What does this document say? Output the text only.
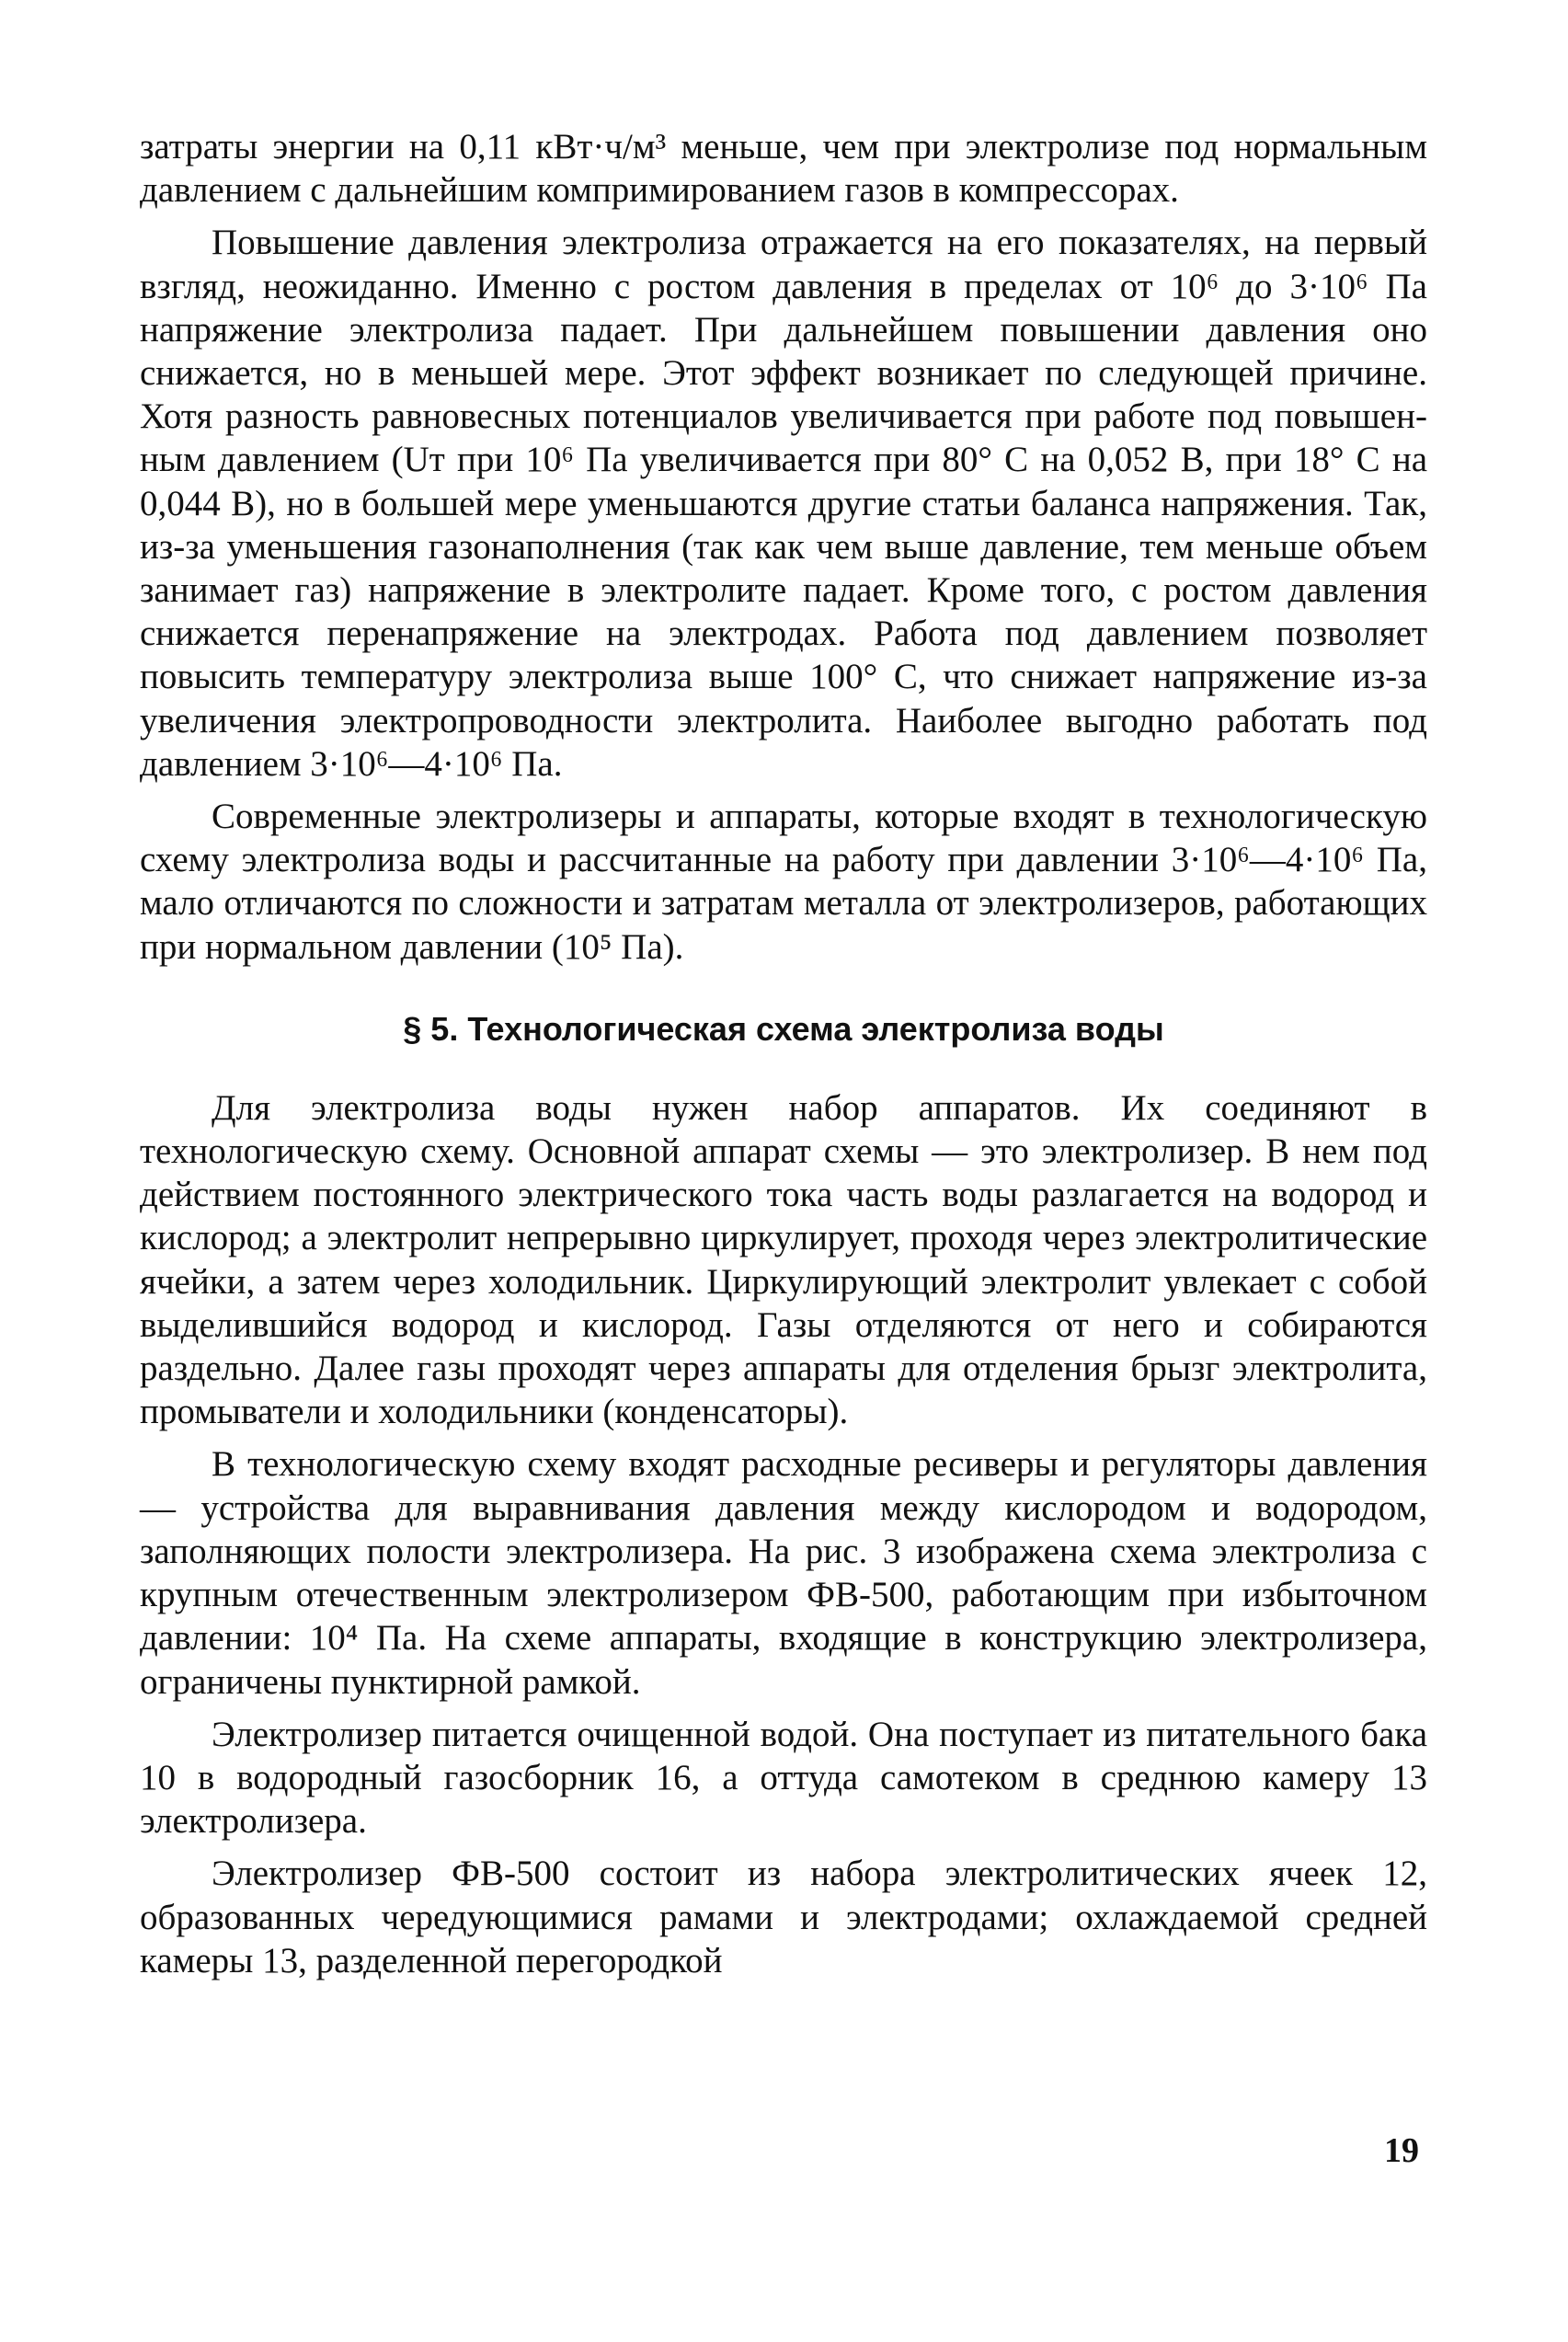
затраты энергии на 0,11 кВт·ч/м³ меньше, чем при электролизе под нормальным давлением с дальнейшим компримированием газов в компрессорах.

Повышение давления электролиза отражается на его показателях, на первый взгляд, неожиданно. Именно с ростом давления в пределах от 10⁶ до 3·10⁶ Па напряжение электролиза падает. При дальнейшем повышении давления оно снижается, но в меньшей мере. Этот эффект возникает по следующей причине. Хотя разность равновесных потенциалов увеличивается при работе под повышенным давлением (Uт при 10⁶ Па увеличивается при 80° С на 0,052 В, при 18° С на 0,044 В), но в большей мере уменьшаются другие статьи баланса напряжения. Так, из-за уменьшения газонаполнения (так как чем выше давление, тем меньше объем занимает газ) напряжение в электролите падает. Кроме того, с ростом давления снижается перенапряжение на электродах. Работа под давлением позволяет повысить температуру электролиза выше 100° С, что снижает напряжение из-за увеличения электропроводности электролита. Наиболее выгодно работать под давлением 3·10⁶—4·10⁶ Па.

Современные электролизеры и аппараты, которые входят в технологическую схему электролиза воды и рассчитанные на работу при давлении 3·10⁶—4·10⁶ Па, мало отличаются по сложности и затратам металла от электролизеров, работающих при нормальном давлении (10⁵ Па).

§ 5. Технологическая схема электролиза воды

Для электролиза воды нужен набор аппаратов. Их соединяют в технологическую схему. Основной аппарат схемы — это электролизер. В нем под действием постоянного электрического тока часть воды разлагается на водород и кислород; а электролит непрерывно циркулирует, проходя через электролитические ячейки, а затем через холодильник. Циркулирующий электролит увлекает с собой выделившийся водород и кислород. Газы отделяются от него и собираются раздельно. Далее газы проходят через аппараты для отделения брызг электролита, промыватели и холодильники (конденсаторы).

В технологическую схему входят расходные ресиверы и регуляторы давления — устройства для выравнивания давления между кислородом и водородом, заполняющих полости электролизера. На рис. 3 изображена схема электролиза с крупным отечественным электролизером ФВ-500, работающим при избыточном давлении: 10⁴ Па. На схеме аппараты, входящие в конструкцию электролизера, ограничены пунктирной рамкой.

Электролизер питается очищенной водой. Она поступает из питательного бака 10 в водородный газосборник 16, а оттуда самотеком в среднюю камеру 13 электролизера.

Электролизер ФВ-500 состоит из набора электролитических ячеек 12, образованных чередующимися рамами и электродами; охлаждаемой средней камеры 13, разделенной перегородкой

19
